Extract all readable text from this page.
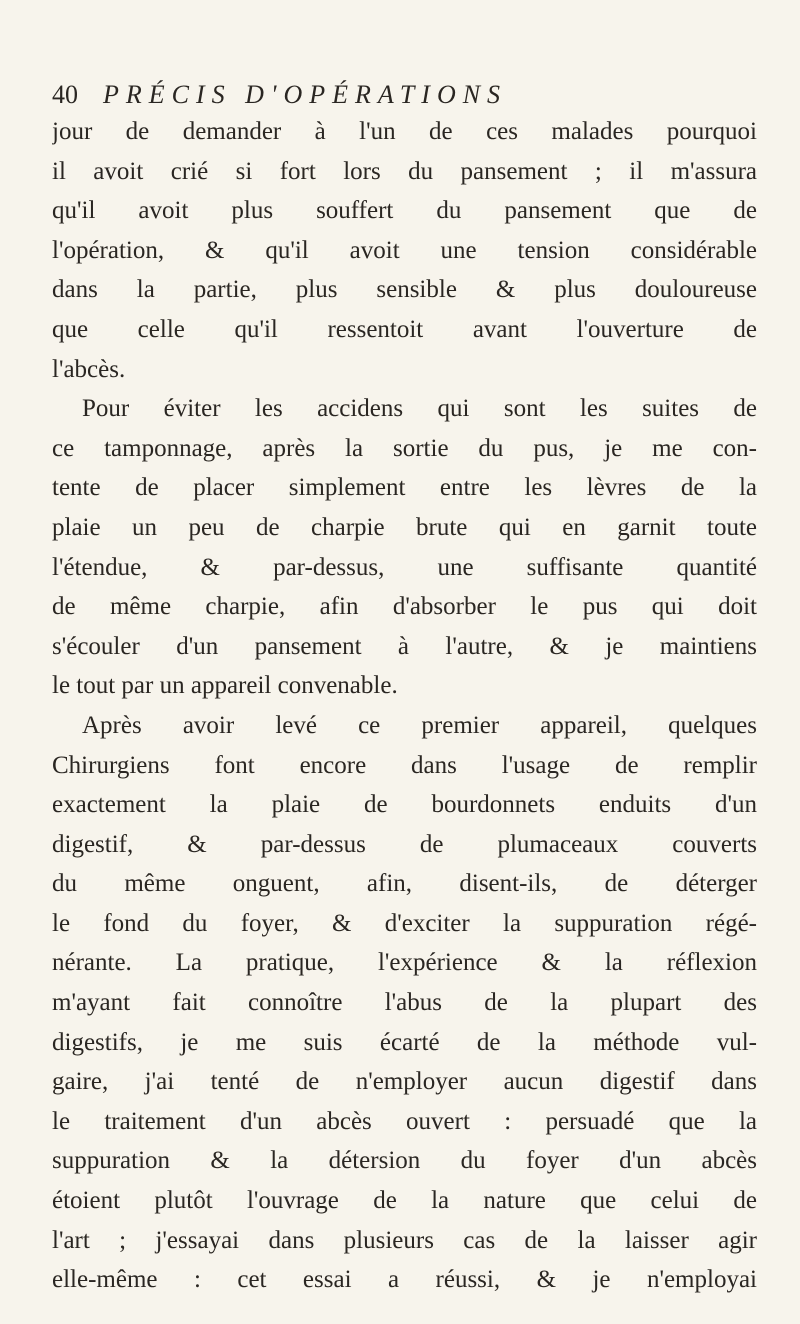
40 PRÉCIS D'OPÉRATIONS
jour de demander à l'un de ces malades pourquoi
il avoit crié si fort lors du pansement ; il m'assura
qu'il avoit plus souffert du pansement que de
l'opération, & qu'il avoit une tension considérable
dans la partie, plus sensible & plus douloureuse
que celle qu'il ressentoit avant l'ouverture de
l'abcès.
Pour éviter les accidens qui sont les suites de
ce tamponnage, après la sortie du pus, je me con-
tente de placer simplement entre les lèvres de la
plaie un peu de charpie brute qui en garnit toute
l'étendue, & par-dessus, une suffisante quantité
de même charpie, afin d'absorber le pus qui doit
s'écouler d'un pansement à l'autre, & je maintiens
le tout par un appareil convenable.
Après avoir levé ce premier appareil, quelques
Chirurgiens font encore dans l'usage de remplir
exactement la plaie de bourdonnets enduits d'un
digestif, & par-dessus de plumaceaux couverts
du même onguent, afin, disent-ils, de déterger
le fond du foyer, & d'exciter la suppuration régé-
nérante. La pratique, l'expérience & la réflexion
m'ayant fait connoître l'abus de la plupart des
digestifs, je me suis écarté de la méthode vul-
gaire, j'ai tenté de n'employer aucun digestif dans
le traitement d'un abcès ouvert : persuadé que la
suppuration & la détersion du foyer d'un abcès
étoient plutôt l'ouvrage de la nature que celui de
l'art ; j'essayai dans plusieurs cas de la laisser agir
elle-même : cet essai a réussi, & je n'employai
